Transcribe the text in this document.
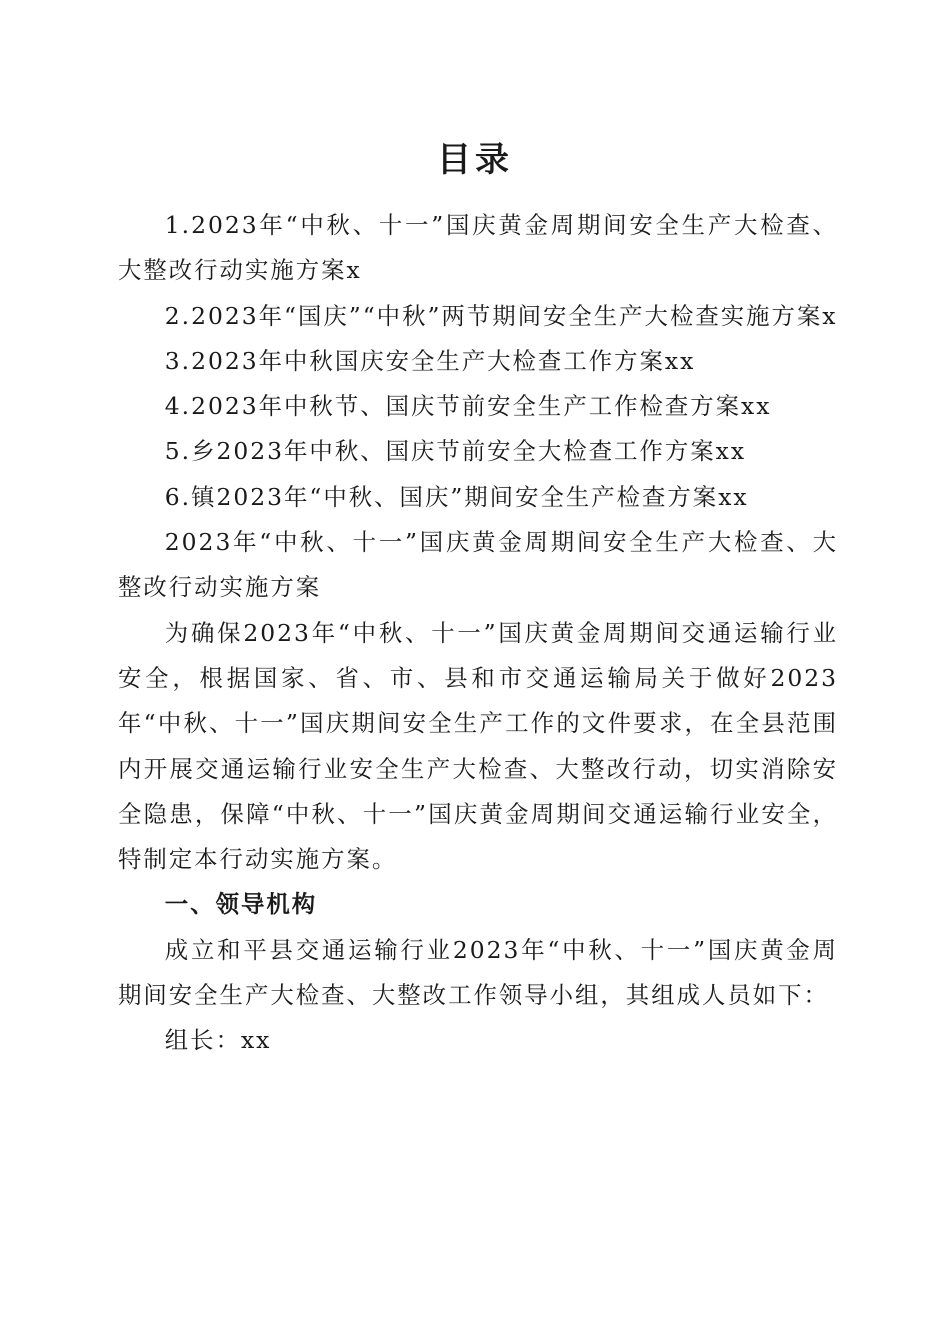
目录

1.2023年“中秋、十一”国庆黄金周期间安全生产大检查、大整改行动实施方案x

2.2023年“国庆”“中秋”两节期间安全生产大检查实施方案x

3.2023年中秋国庆安全生产大检查工作方案xx

4.2023年中秋节、国庆节前安全生产工作检查方案xx

5.乡2023年中秋、国庆节前安全大检查工作方案xx

6.镇2023年“中秋、国庆”期间安全生产检查方案xx

2023年“中秋、十一”国庆黄金周期间安全生产大检查、大整改行动实施方案

为确保2023年“中秋、十一”国庆黄金周期间交通运输行业安全，根据国家、省、市、县和市交通运输局关于做好2023年“中秋、十一”国庆期间安全生产工作的文件要求，在全县范围内开展交通运输行业安全生产大检查、大整改行动，切实消除安全隐患，保障“中秋、十一”国庆黄金周期间交通运输行业安全，特制定本行动实施方案。

一、领导机构

成立和平县交通运输行业2023年“中秋、十一”国庆黄金周期间安全生产大检查、大整改工作领导小组，其组成人员如下：

组长：xx
